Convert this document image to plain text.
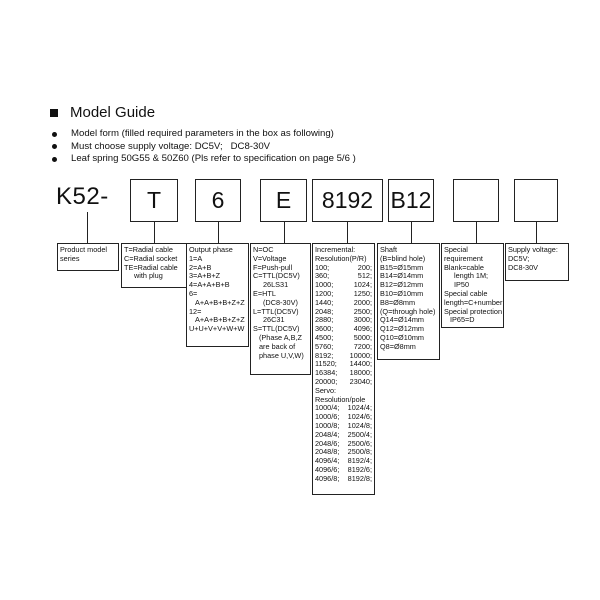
Model Guide
Model form (filled required parameters in the box as following)
Must choose supply voltage: DC5V;   DC8-30V
Leaf spring 50G55 & 50Z60 (Pls refer to specification on page 5/6 )
K52-	T	6	E	8192 B12
Product model
series
T=Radial cable
C=Radial socket
TE=Radial cable
with plug
Output phase
1=A
2=A+B
3=A+B+Z
4=A+A+B+B
6=
A+A+B+B+Z+Z
12=
A+A+B+B+Z+Z
U+U+V+V+W+W
N=OC
V=Voltage
F=Push-pull
C=TTL(DC5V)
26LS31
E=HTL
(DC8-30V)
L=TTL(DC5V)
26C31
S=TTL(DC5V)
(Phase A,B,Z
are back of
phase U,V,W)
Incremental:
Resolution(P/R)
100;	200;
360;	512;
1000;	1024;
1200;	1250;
1440;	2000;
2048;	2500;
2880;	3000;
3600;	4096;
4500;	5000;
5760;	7200;
8192; 10000;
11520; 14400;
16384; 18000;
20000; 23040;
Servo:
Resolution/pole
1000/4; 1024/4;
1000/6; 1024/6;
1000/8; 1024/8;
2048/4; 2500/4;
2048/6; 2500/6;
2048/8; 2500/8;
4096/4; 8192/4;
4096/6; 8192/6;
4096/8; 8192/8;
Shaft
(B=blind hole)
B15=Ø15mm
B14=Ø14mm
B12=Ø12mm
B10=Ø10mm
B8=Ø8mm
(Q=through hole)
Q14=Ø14mm
Q12=Ø12mm
Q10=Ø10mm
Q8=Ø8mm
Special
requirement
Blank=cable
length 1M;
IP50
Special cable
length=C+number
Special protection
IP65=D
Supply voltage:
DC5V;
DC8-30V
